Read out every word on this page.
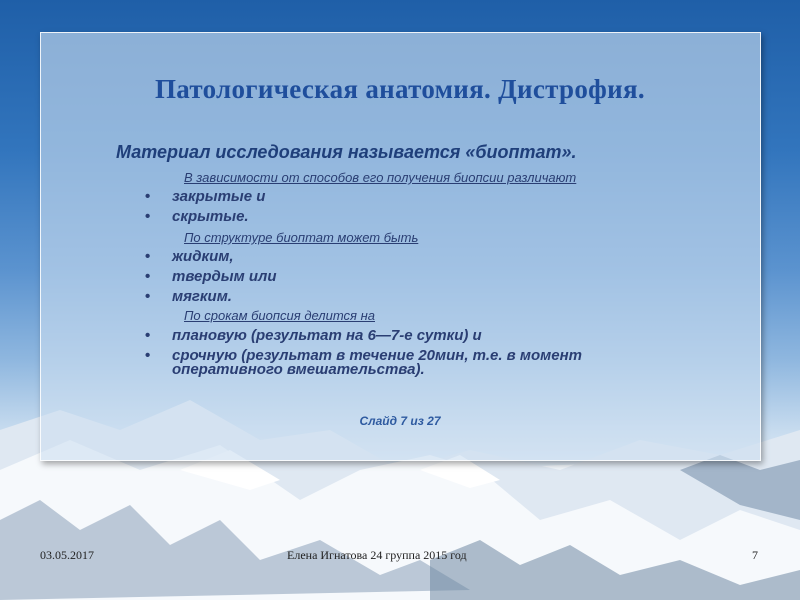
Патологическая анатомия. Дистрофия.
Материал исследования называется «биоптат».
В зависимости от способов его получения биопсии различают
• закрытые и
• скрытые.
По структуре биоптат может быть
• жидким,
• твердым или
• мягким.
По срокам биопсия делится на
• плановую (результат на 6—7-е сутки) и
• срочную (результат в течение 20мин, т.е. в момент оперативного вмешательства).
Слайд 7 из 27
03.05.2017	Елена Игнатова 24 группа 2015 год	7
